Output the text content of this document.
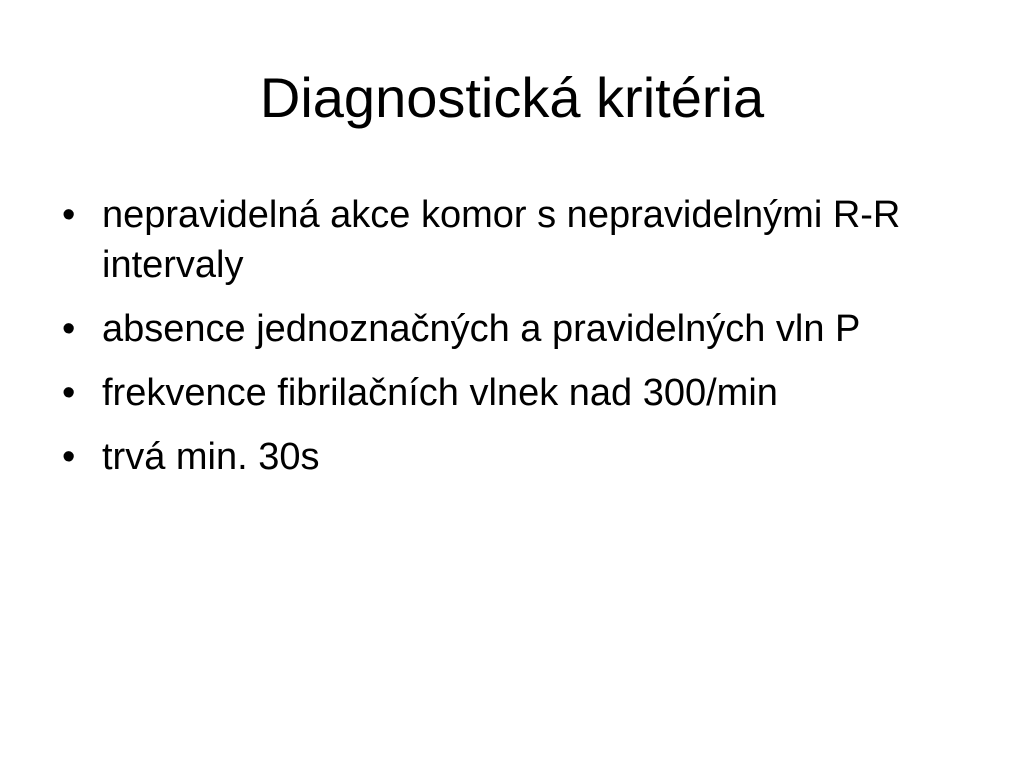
Diagnostická kritéria
• nepravidelná akce komor s nepravidelnými R-R intervaly
• absence jednoznačných a pravidelných vln P
• frekvence fibrilačních vlnek nad 300/min
• trvá min. 30s
